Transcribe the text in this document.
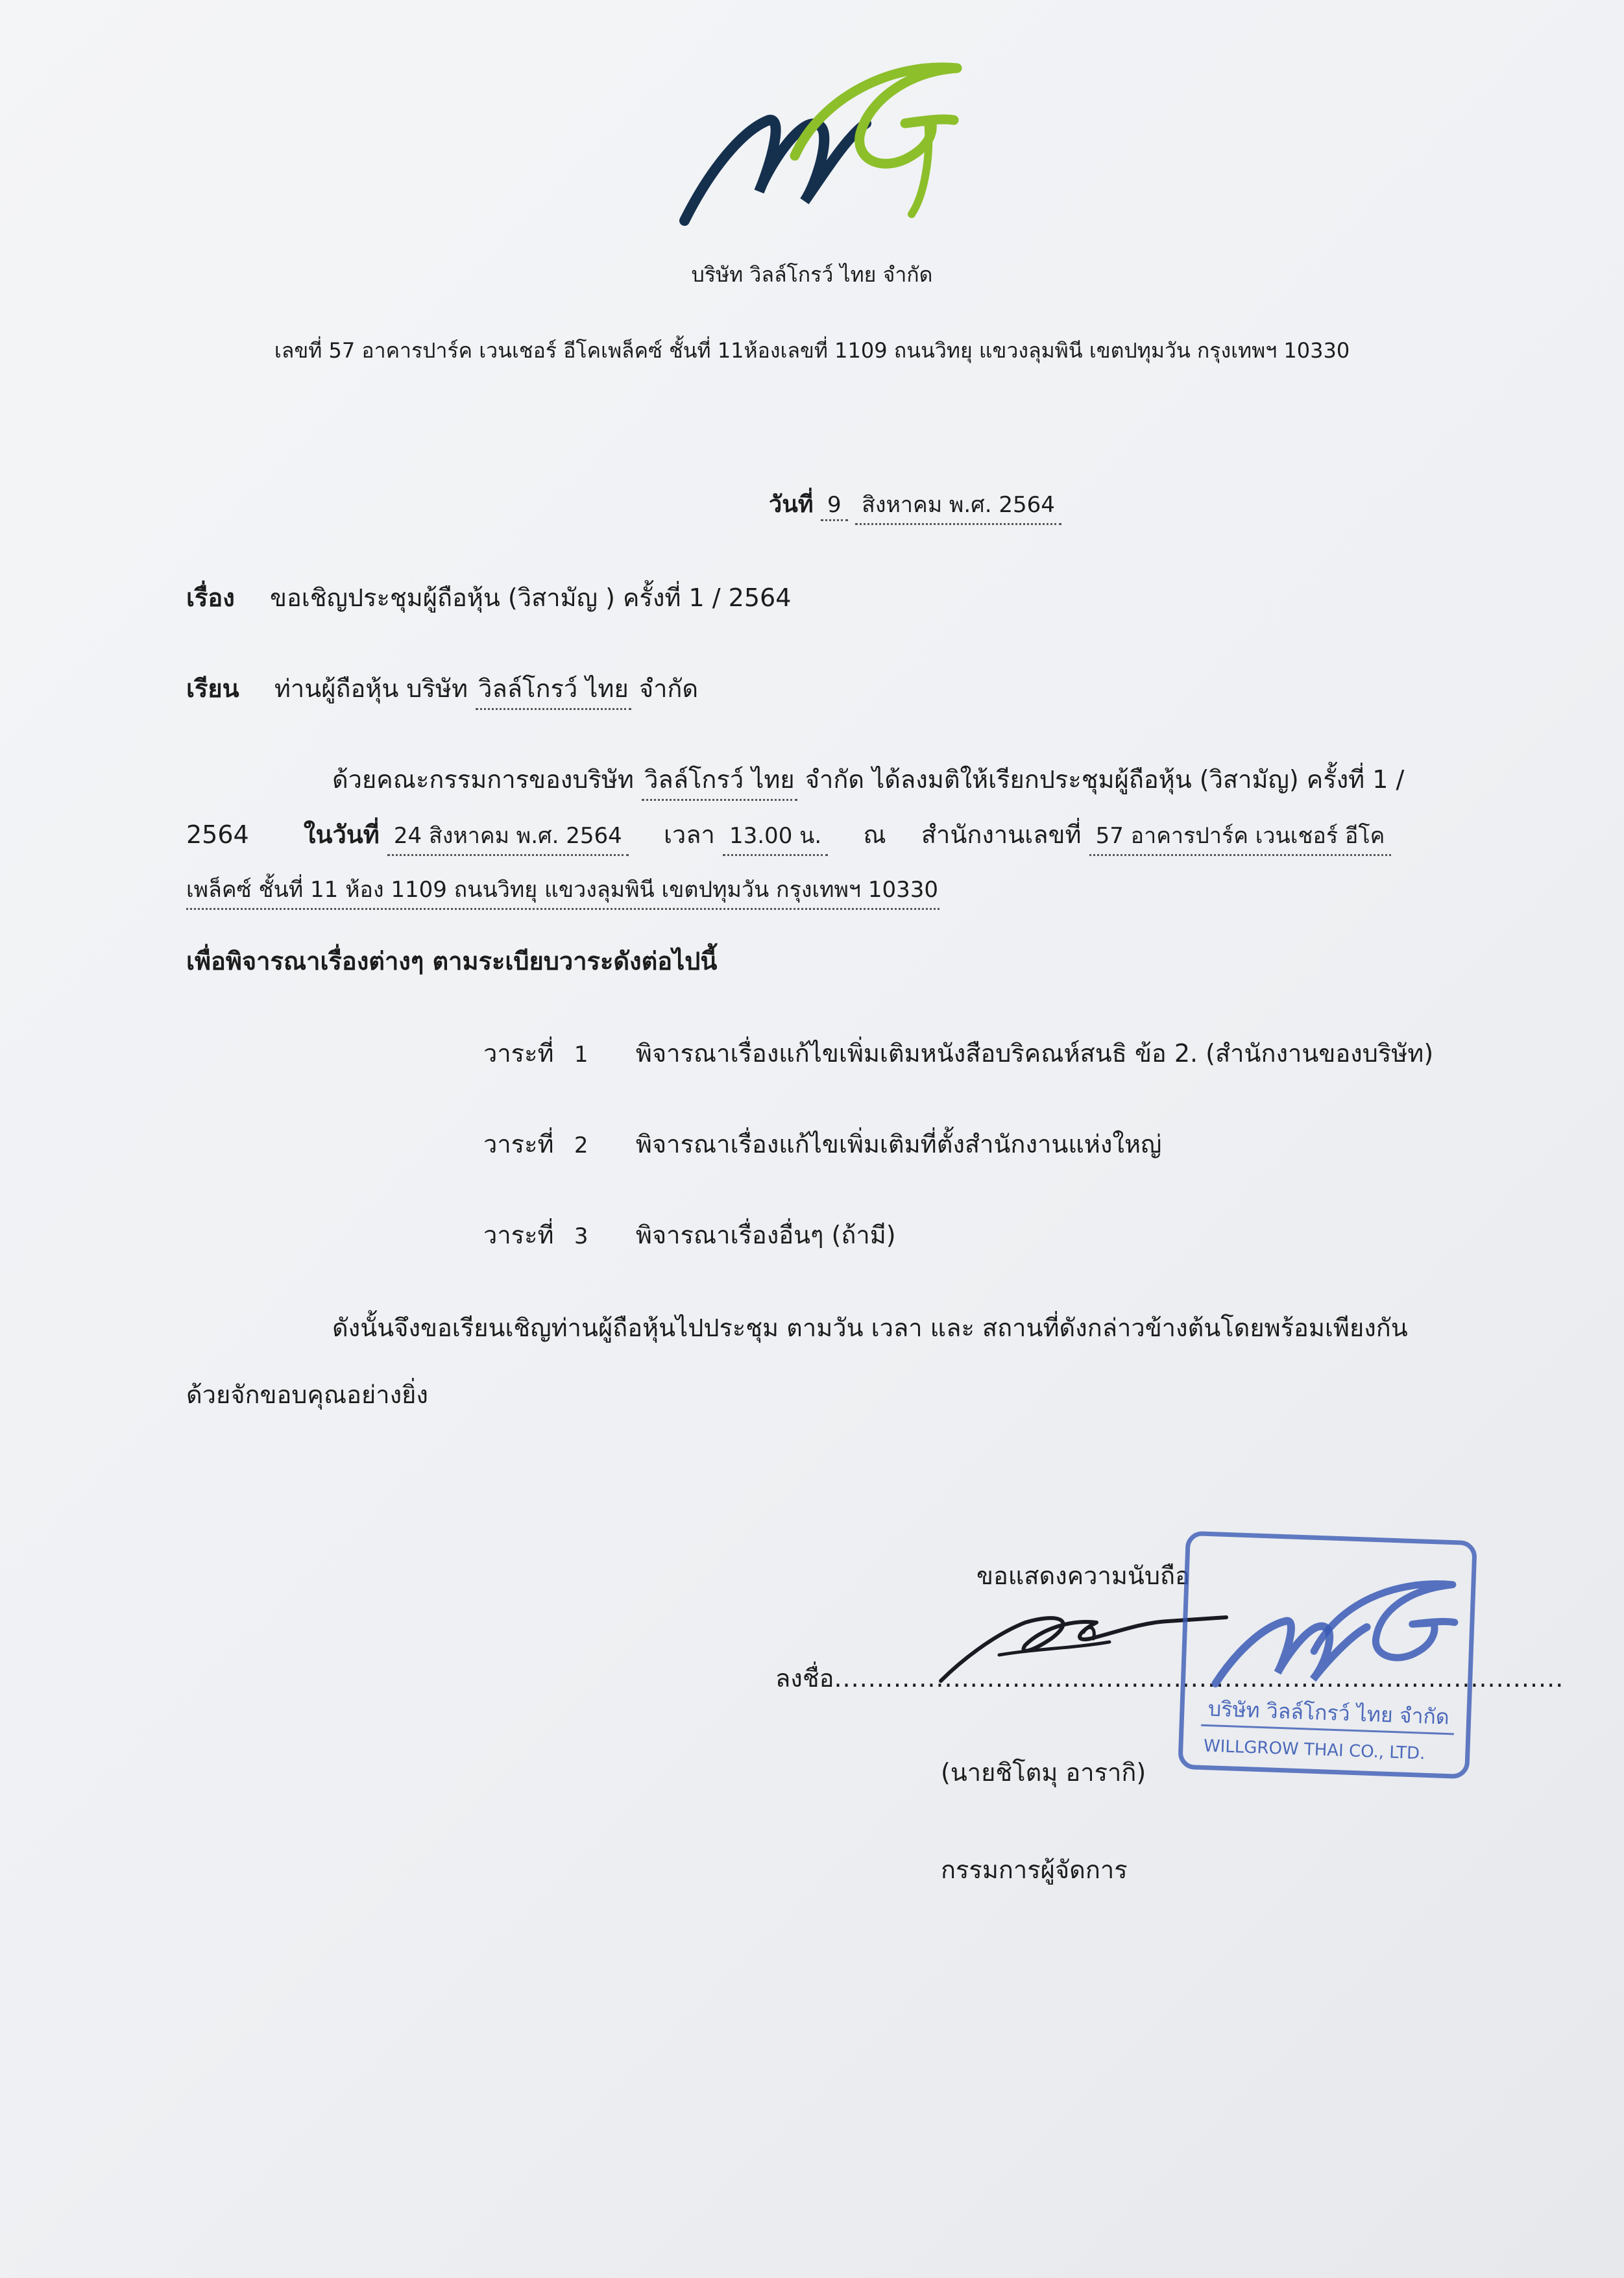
บริษัท วิลล์โกรว์ ไทย จำกัด
เลขที่ 57 อาคารปาร์ค เวนเชอร์ อีโคเพล็คซ์ ชั้นที่ 11ห้องเลขที่ 1109 ถนนวิทยุ แขวงลุมพินี เขตปทุมวัน กรุงเทพฯ 10330
วันที่ 9 สิงหาคม พ.ศ. 2564
เรื่อง ขอเชิญประชุมผู้ถือหุ้น (วิสามัญ ) ครั้งที่ 1 / 2564
เรียน ท่านผู้ถือหุ้น บริษัท วิลล์โกรว์ ไทย จำกัด
ด้วยคณะกรรมการของบริษัท วิลล์โกรว์ ไทย จำกัด ได้ลงมติให้เรียกประชุมผู้ถือหุ้น (วิสามัญ) ครั้งที่ 1 /
2564 ในวันที่ 24 สิงหาคม พ.ศ. 2564 เวลา 13.00 น. ณ สำนักงานเลขที่ 57 อาคารปาร์ค เวนเชอร์ อีโค
เพล็คซ์ ชั้นที่ 11 ห้อง 1109 ถนนวิทยุ แขวงลุมพินี เขตปทุมวัน กรุงเทพฯ 10330
เพื่อพิจารณาเรื่องต่างๆ ตามระเบียบวาระดังต่อไปนี้
วาระที่ 1 พิจารณาเรื่องแก้ไขเพิ่มเติมหนังสือบริคณห์สนธิ ข้อ 2. (สำนักงานของบริษัท)
วาระที่ 2 พิจารณาเรื่องแก้ไขเพิ่มเติมที่ตั้งสำนักงานแห่งใหญ่
วาระที่ 3 พิจารณาเรื่องอื่นๆ (ถ้ามี)
ดังนั้นจึงขอเรียนเชิญท่านผู้ถือหุ้นไปประชุม ตามวัน เวลา และ สถานที่ดังกล่าวข้างต้นโดยพร้อมเพียงกัน
ด้วยจักขอบคุณอย่างยิ่ง
ขอแสดงความนับถือ
ลงชื่อ......................................................................................
(นายชิโตมุ อารากิ)
กรรมการผู้จัดการ
บริษัท วิลล์โกรว์ ไทย จำกัด
WILLGROW THAI CO., LTD.
